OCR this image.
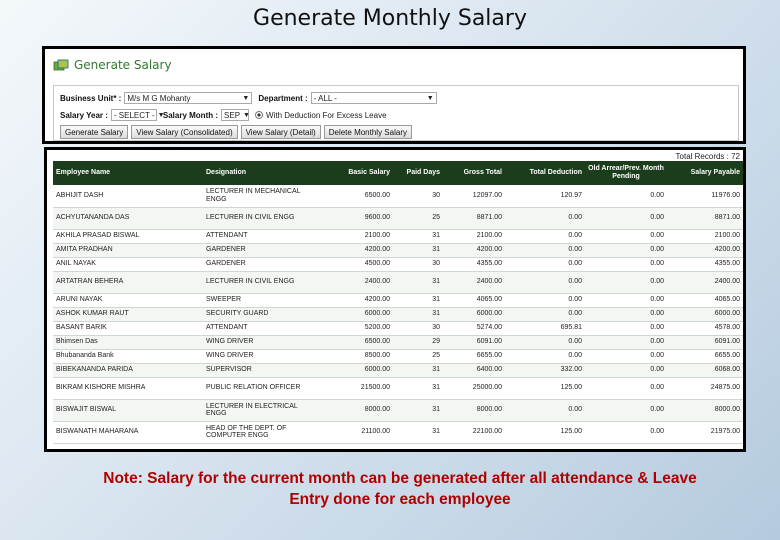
Generate Monthly Salary
Generate Salary
Business Unit* : M/s M G Mohanty	▼ Department : - ALL -	▼
Salary Year : - SELECT - ▼
Salary Month : SEP ▼ With Deduction For Excess Leave
Generate Salary	View Salary (Consolidated)	View Salary (Detail)	Delete Monthly Salary
Total Records : 72
Employee Name	Designation	Basic Salary	Paid Days	Gross Total	Total Deduction	Old Arrear/Prev. Month Pending	Salary Payable
ABHIJIT DASH	LECTURER IN MECHANICAL ENGG	6500.00	30	12097.00	120.97	0.00	11976.00
ACHYUTANANDA DAS	LECTURER IN CIVIL ENGG	9600.00	25	8871.00	0.00	0.00	8871.00
AKHILA PRASAD BISWAL	ATTENDANT	2100.00	31	2100.00	0.00	0.00	2100.00
AMITA PRADHAN	GARDENER	4200.00	31	4200.00	0.00	0.00	4200.00
ANIL NAYAK	GARDENER	4500.00	30	4355.00	0.00	0.00	4355.00
ARTATRAN BEHERA	LECTURER IN CIVIL ENGG	2400.00	31	2400.00	0.00	0.00	2400.00
ARUNI NAYAK	SWEEPER	4200.00	31	4065.00	0.00	0.00	4065.00
ASHOK KUMAR RAUT	SECURITY GUARD	6000.00	31	6000.00	0.00	0.00	6000.00
BASANT BARIK	ATTENDANT	5200.00	30	5274.00	695.81	0.00	4578.00
Bhimsen Das	WING DRIVER	6500.00	29	6091.00	0.00	0.00	6091.00
Bhubananda Bank	WING DRIVER	8500.00	25	6655.00	0.00	0.00	6655.00
BIBEKANANDA PARIDA	SUPERVISOR	6000.00	31	6400.00	332.00	0.00	6068.00
BIKRAM KISHORE MISHRA	PUBLIC RELATION OFFICER	21500.00	31	25000.00	125.00	0.00	24875.00
BISWAJIT BISWAL	LECTURER IN ELECTRICAL ENGG	8000.00	31	8000.00	0.00	0.00	8000.00
BISWANATH MAHARANA	HEAD OF THE DEPT. OF COMPUTER ENGG	21100.00	31	22100.00	125.00	0.00	21975.00
Note: Salary for the current month can be generated after all attendance & Leave
Entry done for each employee
